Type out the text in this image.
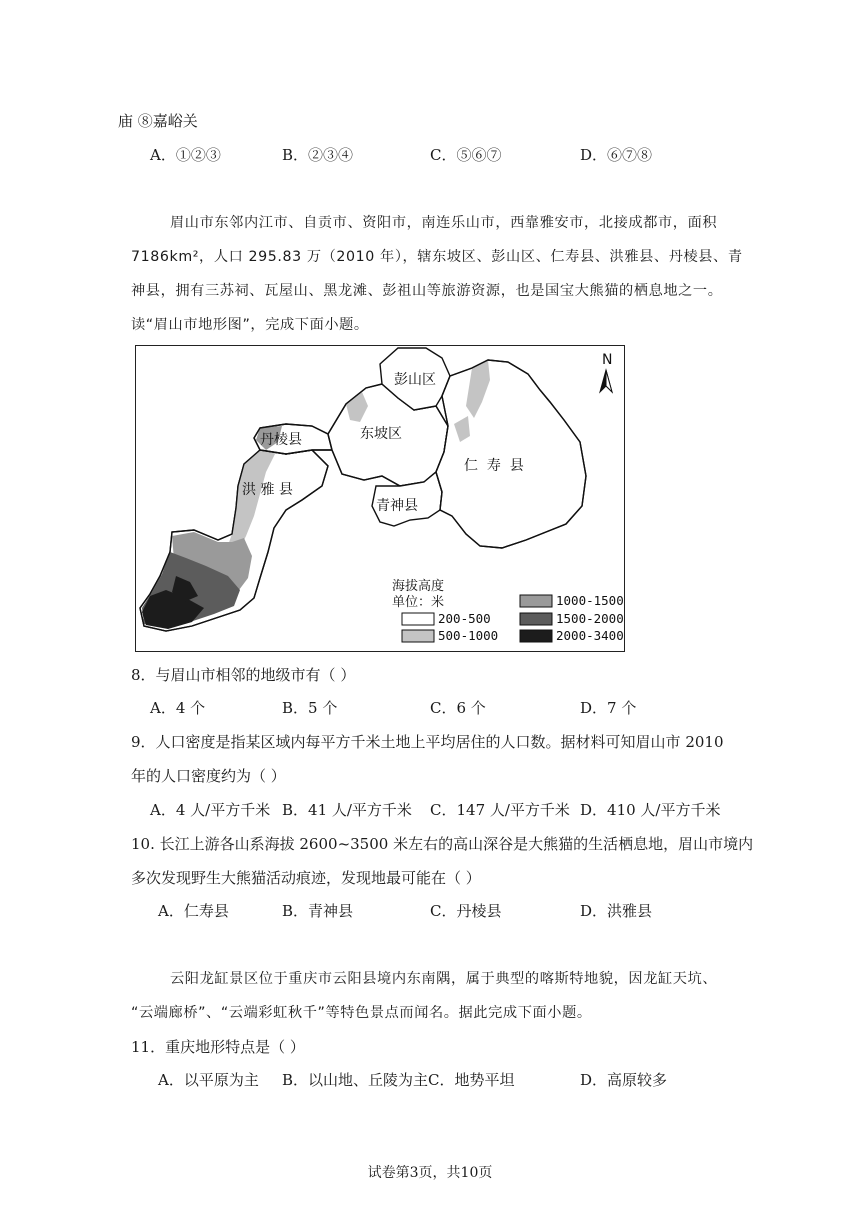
庙 ⑧嘉峪关
A．①②③	B．②③④	C．⑤⑥⑦	D．⑥⑦⑧
眉山市东邻内江市、自贡市、资阳市，南连乐山市，西靠雅安市，北接成都市，面积
7186km²，人口 295.83 万（2010 年），辖东坡区、彭山区、仁寿县、洪雅县、丹棱县、青
神县，拥有三苏祠、瓦屋山、黑龙滩、彭祖山等旅游资源，也是国宝大熊猫的栖息地之一。
读“眉山市地形图”，完成下面小题。
彭山区
东坡区
丹棱县
洪 雅 县
仁  寿  县
青神县
N
海拔高度
单位：米
200-500
500-1000
1000-1500
1500-2000
2000-3400
8．与眉山市相邻的地级市有（ ）
A．4 个	B．5 个	C．6 个	D．7 个
9．人口密度是指某区域内每平方千米土地上平均居住的人口数。据材料可知眉山市 2010
年的人口密度约为（ ）
A．4 人/平方千米 B．41 人/平方千米 C．147 人/平方千米 D．410 人/平方千米
10. 长江上游各山系海拔 2600~3500 米左右的高山深谷是大熊猫的生活栖息地，眉山市境内
多次发现野生大熊猫活动痕迹，发现地最可能在（ ）
A．仁寿县	B．青神县	C．丹棱县	D．洪雅县
云阳龙缸景区位于重庆市云阳县境内东南隅，属于典型的喀斯特地貌，因龙缸天坑、
“云端廊桥”、“云端彩虹秋千”等特色景点而闻名。据此完成下面小题。
11．重庆地形特点是（ ）
A．以平原为主 B．以山地、丘陵为主 C．地势平坦	D．高原较多
试卷第3页，共10页
